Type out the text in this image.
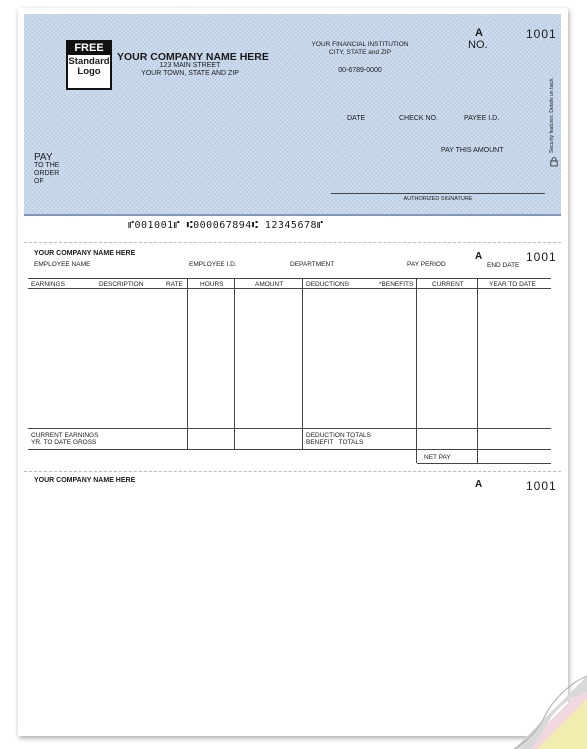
FREE
Standard
Logo
YOUR COMPANY NAME HERE
123 MAIN STREET
YOUR TOWN, STATE AND ZIP
YOUR FINANCIAL INSTITUTION
CITY, STATE and ZIP
00-6789-0000
A
NO.
1001
DATE	CHECK NO.	PAYEE I.D.
PAY THIS AMOUNT
PAY
TO THE
ORDER
OF
AUTHORIZED SIGNATURE
Security features. Details on back.
⑈001001⑈ ⑆000067894⑆ 12345678⑈
YOUR COMPANY NAME HERE
EMPLOYEE NAME	EMPLOYEE I.D.	DEPARTMENT	PAY PERIOD	END DATE
A	1001
EARNINGS	DESCRIPTION	RATE	HOURS	AMOUNT	DEDUCTIONS	*BENEFITS	CURRENT	YEAR TO DATE
CURRENT EARNINGS
YR. TO DATE GROSS
DEDUCTION TOTALS
BENEFIT   TOTALS
NET PAY
YOUR COMPANY NAME HERE	A	1001
